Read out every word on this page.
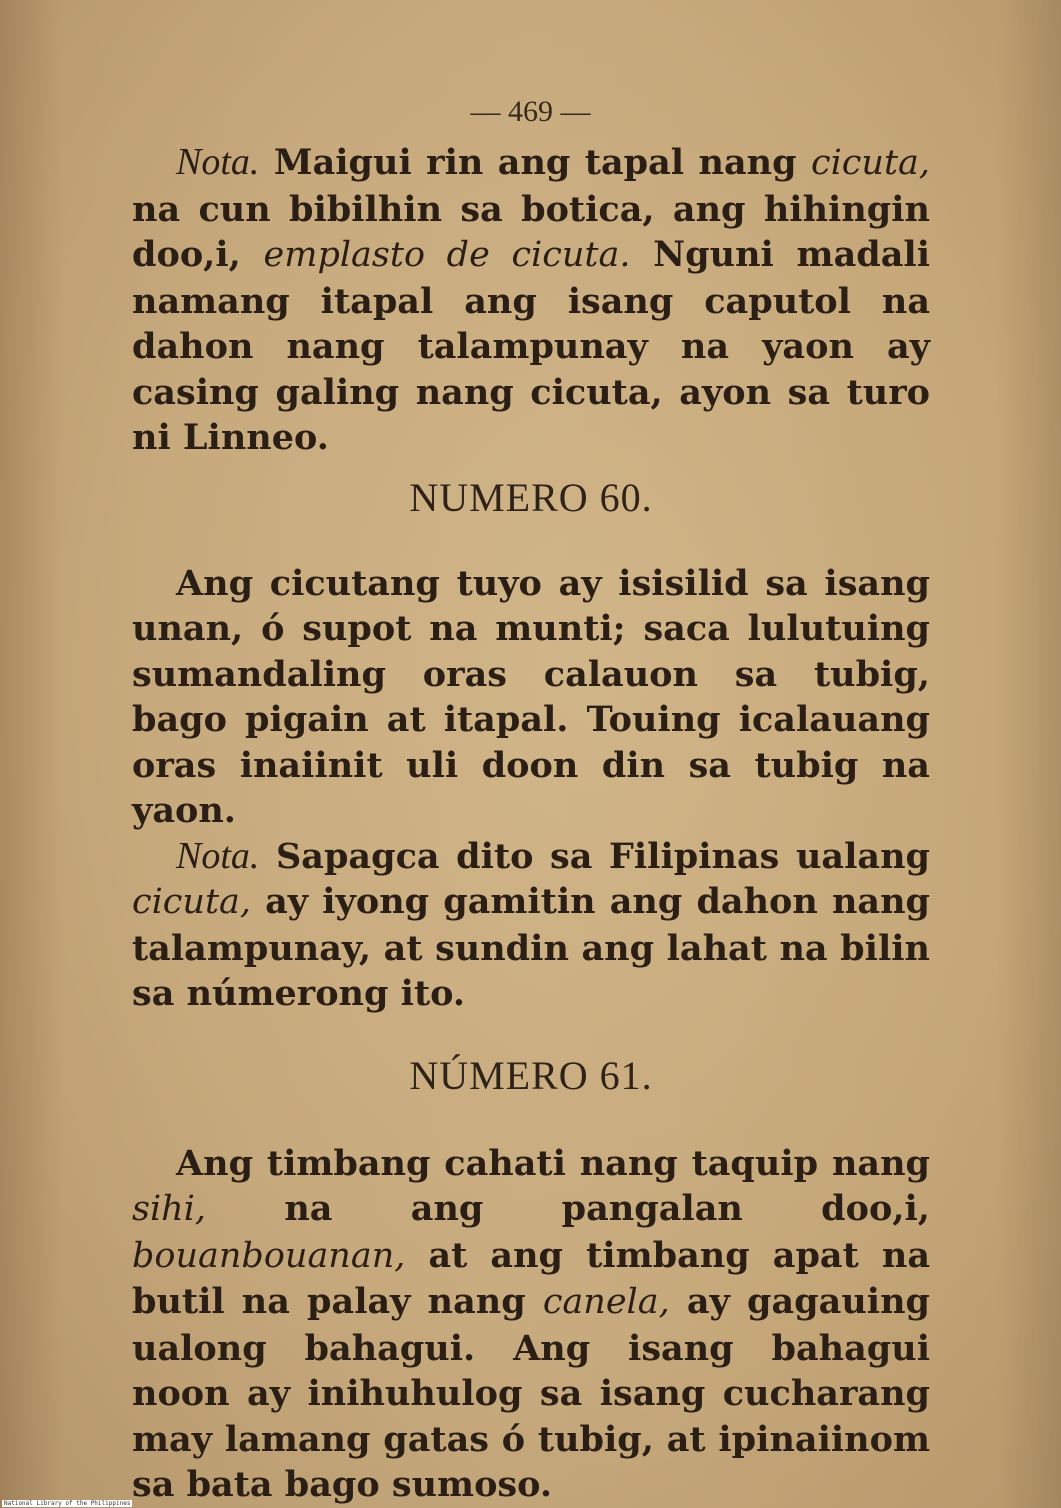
— 469 —

Nota. Maigui rin ang tapal nang cicuta, na cun bibilhin sa botica, ang hihingin doo,i, emplasto de cicuta. Nguni madali namang itapal ang isang caputol na dahon nang talampunay na yaon ay casing galing nang cicuta, ayon sa turo ni Linneo.

NUMERO 60.

Ang cicutang tuyo ay isisilid sa isang unan, ó supot na munti; saca lulutuing sumandaling oras calauon sa tubig, bago pigain at itapal. Touing icalauang oras inaiinit uli doon din sa tubig na yaon.

Nota. Sapagca dito sa Filipinas ualang cicuta, ay iyong gamitin ang dahon nang talampunay, at sundin ang lahat na bilin sa númerong ito.

NÚMERO 61.

Ang timbang cahati nang taquip nang sihi, na ang pangalan doo,i, bouanbouanan, at ang timbang apat na butil na palay nang canela, ay gagauing ualong bahagui. Ang isang bahagui noon ay inihuhulog sa isang cucharang may lamang gatas ó tubig, at ipinaiinom sa bata bago sumoso.

National Library of the Philippines
